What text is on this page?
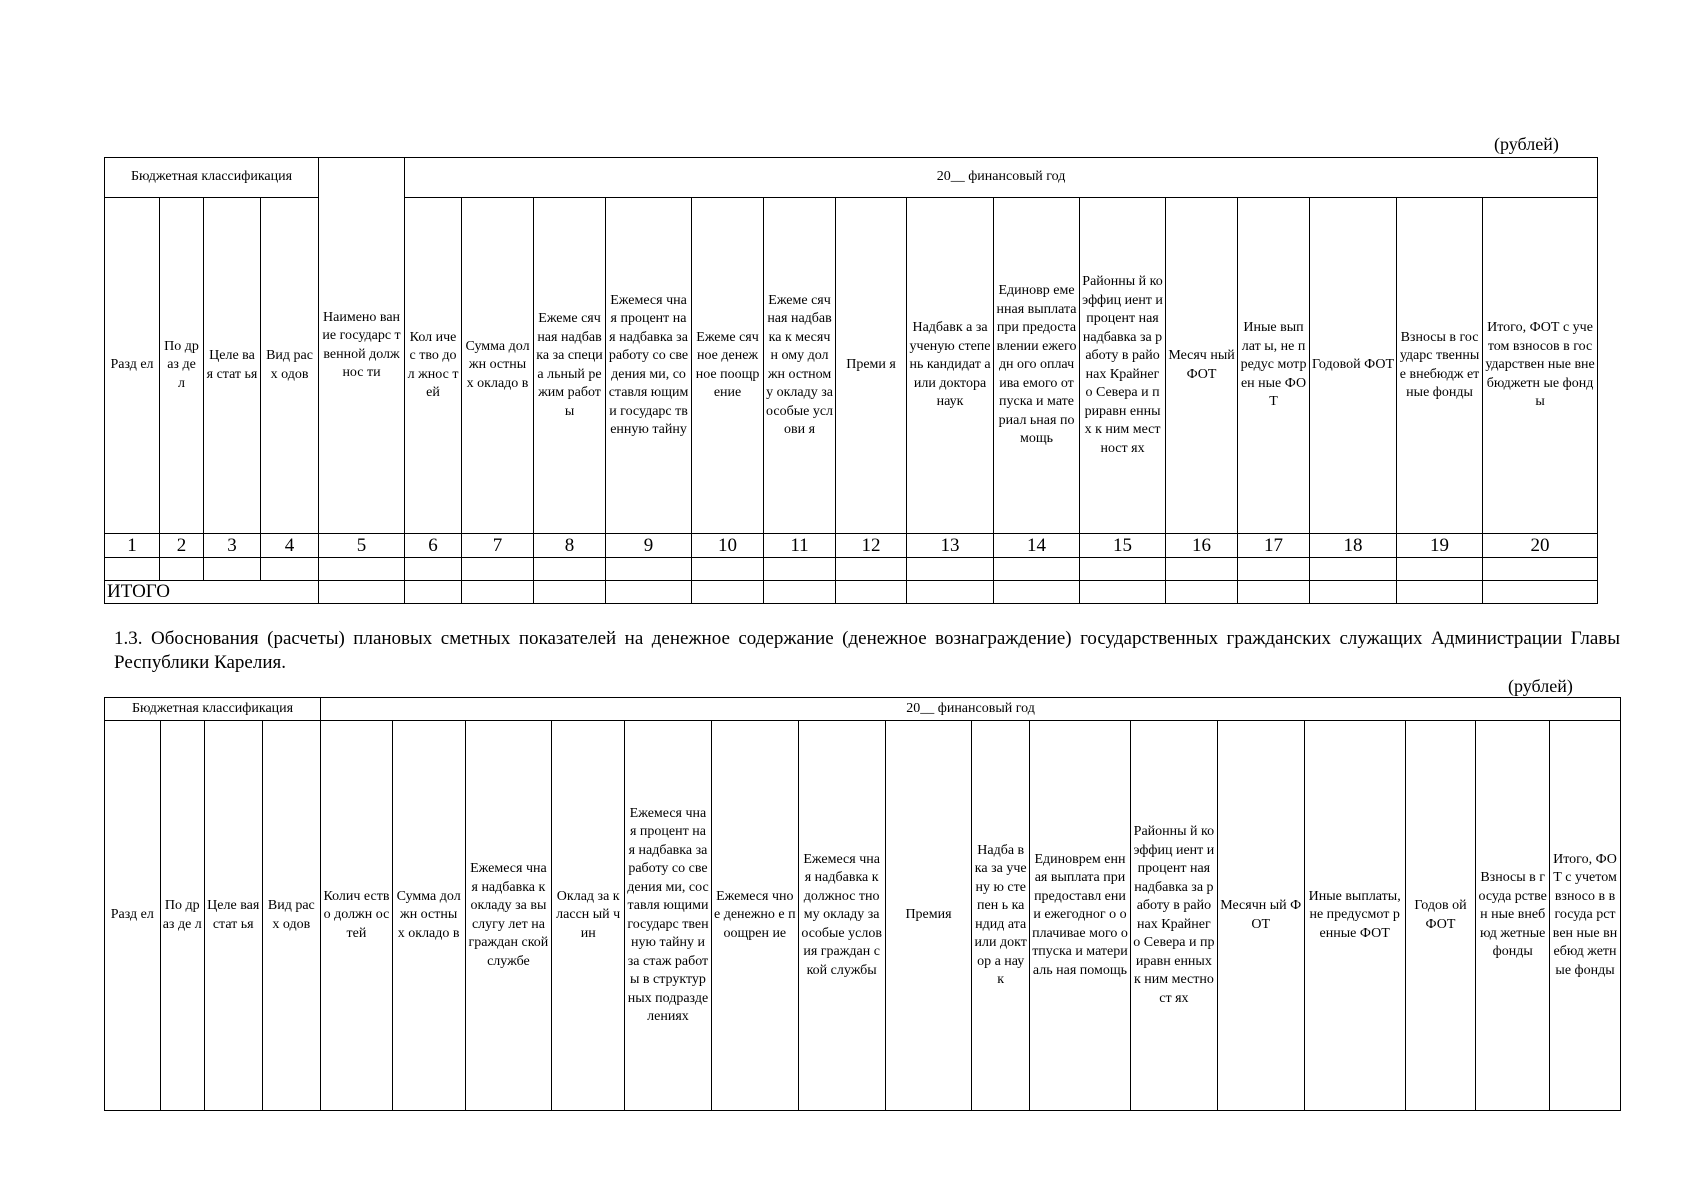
(рублей)
Бюджетная классификация				Наимено вание государс твенной должнос ти	20__ финансовый год														
Разд ел	По др аз де л	Целе вая стат ья	Вид расх одов		Кол ичес тво дол жнос тей	Сумма должн остны х окладо в	Ежеме сячная надбав ка за специа льный режим работы	Ежемеся чная процент ная надбавка за работу со сведения ми, составля ющими государс твенную тайну	Ежеме сячное денеж ное поощр ение	Ежеме сячная надбав ка к месячн ому должн остном у окладу за особые услови я	Преми я	Надбавк а за ученую степень кандидат а или доктора наук	Единовр еменная выплата при предоста влении ежегодн ого оплачива емого отпуска и материал ьная помощь	Районны й коэффиц иент и процент ная надбавка за работу в районах Крайнег о Севера и приравн енных к ним местност ях	Месяч ный ФОТ	Иные выплат ы, не предус мотрен ные ФОТ	Годовой ФОТ	Взносы в государс твенные внебюдж етные фонды	Итого, ФОТ с учетом взносов в государствен ные внебюджетн ые фонды
1	2	3	4	5	6	7	8	9	10	11	12	13	14	15	16	17	18	19	20

ИТОГО																			
1.3. Обоснования (расчеты) плановых сметных показателей на денежное содержание (денежное вознаграждение) государственных гражданских служащих Администрации Главы Республики Карелия.
(рублей)
Бюджетная классификация				20__ финансовый год															
Разд ел	По др аз де л	Целе вая стат ья	Вид расх одов	Колич ество должн остей	Сумма должн остны х окладо в	Ежемеся чная надбавка к окладу за выслугу лет на граждан ской службе	Оклад за классн ый чин	Ежемеся чная процент ная надбавка за работу со сведения ми, составля ющими государс твенную тайну и за стаж работы в структур ных подразде лениях	Ежемеся чное денежно е поощрен ие	Ежемеся чная надбавка к должнос тному окладу за особые условия граждан ской службы	Премия	Надба вка за учену ю степен ь кандид ата или доктор а наук	Единоврем енная выплата при предоставл ении ежегодног о оплачивае мого отпуска и материаль ная помощь	Районны й коэффиц иент и процент ная надбавка за работу в районах Крайнег о Севера и приравн енных к ним местност ях	Месячн ый ФОТ	Иные выплаты, не предусмот ренные ФОТ	Годов ой ФОТ	Взносы в госуда рствен ные внебюд жетные фонды	Итого, ФОТ с учетом взносо в в госуда рствен ные внебюд жетные фонды
